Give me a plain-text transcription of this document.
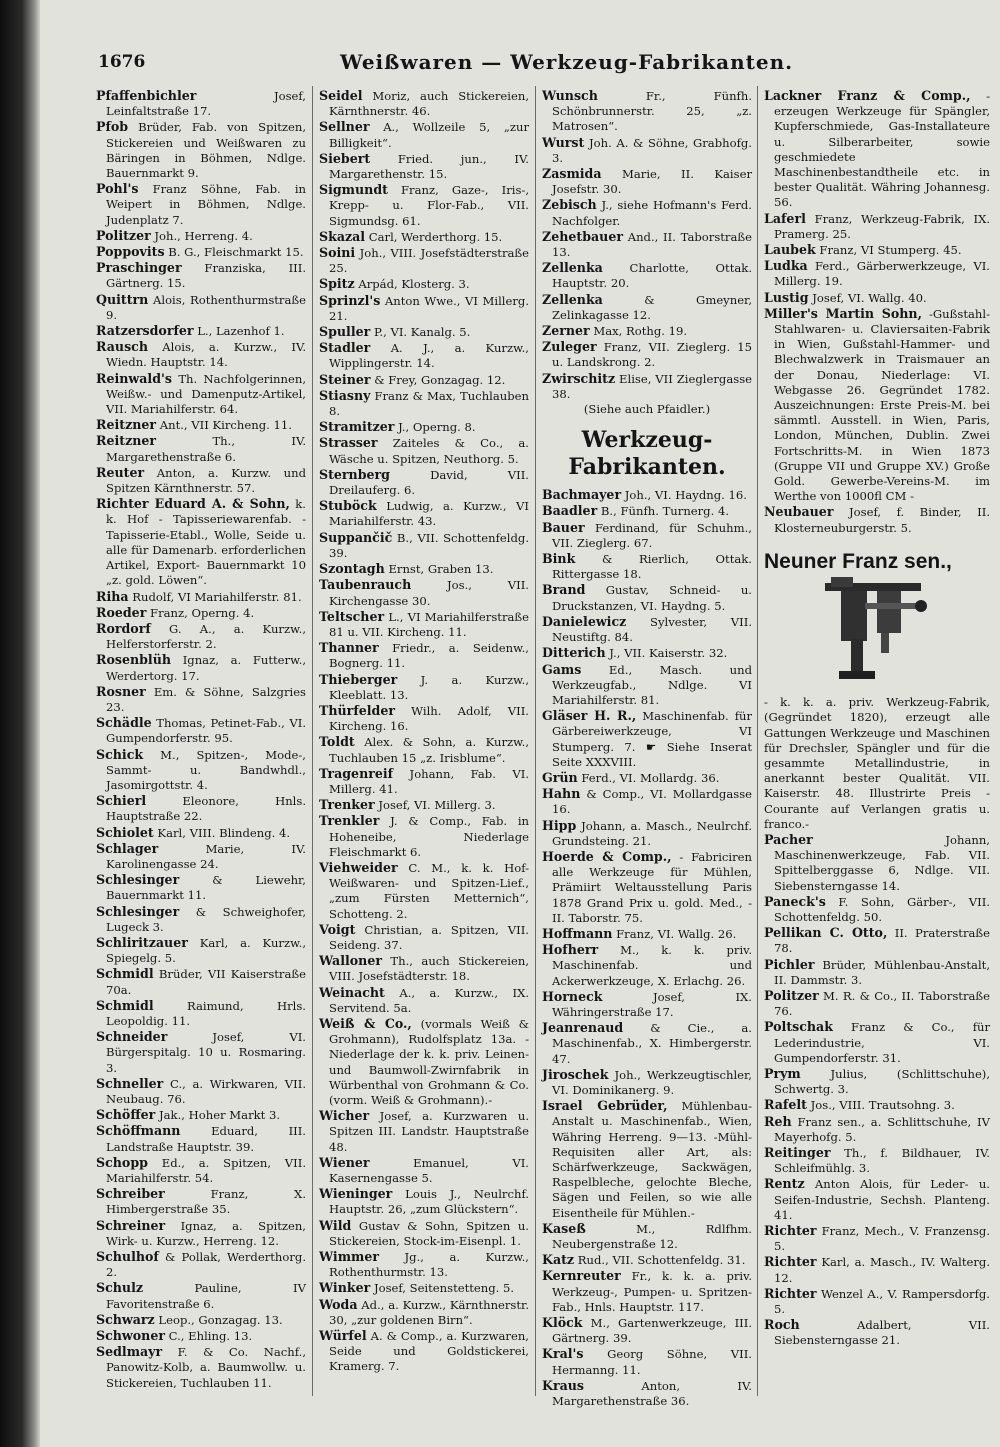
1676	Weißwaren — Werkzeug-Fabrikanten.

Pfaffenbichler	Josef, Leinfaltstraße 17.

Pfob Brüder, Fab. von Spitzen, Stickereien und Weißwaren zu Bäringen in Böhmen, Ndlge. Bauernmarkt 9.

Pohl's Franz Söhne, Fab. in Weipert in Böhmen, Ndlge. Judenplatz 7.

Politzer Joh., Herreng. 4.

Poppovits B. G., Fleischmarkt 15.

Praschinger Franziska, III. Gärtnerg. 15.

Quittrn Alois, Rothenthurmstraße 9.

Ratzersdorfer L., Lazenhof 1.

Rausch Alois, a. Kurzw., IV. Wiedn. Hauptstr. 14.

Reinwald's Th. Nachfolgerinnen, Weißw.- und Damenputz-Artikel, VII. Mariahilferstr. 64.

Reitzner Ant., VII Kircheng. 11.

Reitzner	Th., IV. Margarethenstraße 6.

Reuter Anton, a. Kurzw. und Spitzen Kärnthnerstr. 57.

Richter Eduard A. & Sohn, k. k. Hof - Tapisseriewarenfab. -Tapisserie-Etabl., Wolle, Seide u. alle für Damenarb. erforderlichen Artikel, Export- Bauernmarkt 10 „z. gold. Löwen“.

Riha Rudolf, VI Mariahilferstr. 81.

Roeder Franz, Operng. 4.

Rordorf G. A., a. Kurzw., Helferstorferstr. 2.

Rosenblüh Ignaz, a. Futterw., Werdertorg. 17.

Rosner Em. & Söhne, Salzgries 23.

Schädle Thomas, Petinet-Fab., VI. Gumpendorferstr. 95.

Schick M., Spitzen-, Mode-, Sammt- u. Bandwhdl., Jasomirgottstr. 4.

Schierl	Eleonore, Hnls. Hauptstraße 22.

Schiolet Karl, VIII. Blindeng. 4.

Schlager	Marie, IV. Karolinengasse 24.

Schlesinger	& Liewehr, Bauernmarkt 11.

Schlesinger & Schweighofer, Lugeck 3.

Schliritzauer Karl, a. Kurzw., Spiegelg. 5.

Schmidl Brüder, VII Kaiserstraße 70a.

Schmidl	Raimund, Hrls. Leopoldig. 11.

Schneider	Josef, VI. Bürgerspitalg. 10 u. Rosmaring. 3.

Schneller C., a. Wirkwaren, VII. Neubaug. 76.

Schöffer Jak., Hoher Markt 3.

Schöffmann	Eduard, III. Landstraße Hauptstr. 39.

Schopp Ed., a. Spitzen, VII. Mariahilferstr. 54.

Schreiber	Franz, X. Himbergerstraße 35.

Schreiner Ignaz, a. Spitzen, Wirk- u. Kurzw., Herreng. 12.

Schulhof & Pollak, Werderthorg. 2.

Schulz	Pauline, IV Favoritenstraße 6.

Schwarz Leop., Gonzagag. 13.

Schwoner C., Ehling. 13.

Sedlmayr F. & Co. Nachf., Panowitz-Kolb, a. Baumwollw. u. Stickereien, Tuchlauben 11.

Seidel Moriz, auch Stickereien, Kärnthnerstr. 46.

Sellner A., Wollzeile 5, „zur Billigkeit“.

Siebert Fried. jun., IV. Margarethenstr. 15.

Sigmundt Franz, Gaze-, Iris-, Krepp- u. Flor-Fab., VII. Sigmundsg. 61.

Skazal Carl, Werderthorg. 15.

Soini Joh., VIII. Josefstädterstraße 25.

Spitz Arpád, Klosterg. 3.

Sprinzl's Anton Wwe., VI Millerg. 21.

Spuller P., VI. Kanalg. 5.

Stadler A. J., a. Kurzw., Wipplingerstr. 14.

Steiner & Frey, Gonzagag. 12.

Stiasny Franz & Max, Tuchlauben 8.

Stramitzer J., Operng. 8.

Strasser Zaiteles & Co., a. Wäsche u. Spitzen, Neuthorg. 5.

Sternberg	David, VII. Dreilauferg. 6.

Stuböck Ludwig, a. Kurzw., VI Mariahilferstr. 43.

Suppančič B., VII. Schottenfeldg. 39.

Szontagh Ernst, Graben 13.

Taubenrauch	Jos., VII. Kirchengasse 30.

Teltscher L., VI Mariahilferstraße 81 u. VII. Kircheng. 11.

Thanner Friedr., a. Seidenw., Bognerg. 11.

Thieberger J. a. Kurzw., Kleeblatt. 13.

Thürfelder Wilh. Adolf, VII. Kircheng. 16.

Toldt Alex. & Sohn, a. Kurzw., Tuchlauben 15 „z. Irisblume“.

Tragenreif Johann, Fab. VI. Millerg. 41.

Trenker Josef, VI. Millerg. 3.

Trenkler J. & Comp., Fab. in Hoheneibe, Niederlage Fleischmarkt 6.

Viehweider C. M., k. k. Hof-Weißwaren- und Spitzen-Lief., „zum Fürsten Metternich“, Schotteng. 2.

Voigt Christian, a. Spitzen, VII. Seideng. 37.

Walloner Th., auch Stickereien, VIII. Josefstädterstr. 18.

Weinacht A., a. Kurzw., IX. Servitend. 5a.

Weiß & Co., (vormals Weiß & Grohmann), Rudolfsplatz 13a. -Niederlage der k. k. priv. Leinen- und Baumwoll-Zwirnfabrik in Würbenthal von Grohmann & Co. (vorm. Weiß & Grohmann).-

Wicher Josef, a. Kurzwaren u. Spitzen III. Landstr. Hauptstraße 48.

Wiener	Emanuel, VI. Kasernengasse 5.

Wieninger Louis J., Neulrchf. Hauptstr. 26, „zum Glückstern“.

Wild Gustav & Sohn, Spitzen u. Stickereien, Stock-im-Eisenpl. 1.

Wimmer Jg., a. Kurzw., Rothenthurmstr. 13.

Winker Josef, Seitenstetteng. 5.

Woda Ad., a. Kurzw., Kärnthnerstr. 30, „zur goldenen Birn“.

Würfel A. & Comp., a. Kurzwaren, Seide und Goldstickerei, Kramerg. 7.

Wunsch	Fr., Fünfh. Schönbrunnerstr. 25, „z. Matrosen“.

Wurst Joh. A. & Söhne, Grabhofg. 3.

Zasmida Marie, II. Kaiser Josefstr. 30.

Zebisch J., siehe Hofmann's Ferd. Nachfolger.

Zehetbauer And., II. Taborstraße 13.

Zellenka Charlotte, Ottak. Hauptstr. 20.

Zellenka	& Gmeyner, Zelinkagasse 12.

Zerner Max, Rothg. 19.

Zuleger Franz, VII. Zieglerg. 15 u. Landskrong. 2.

Zwirschitz Elise, VII Zieglergasse 38.

(Siehe auch Pfaidler.)

Werkzeug-Fabrikanten.

Bachmayer Joh., VI. Haydng. 16.

Baadler B., Fünfh. Turnerg. 4.

Bauer Ferdinand, für Schuhm., VII. Zieglerg. 67.

Bink & Rierlich, Ottak. Rittergasse 18.

Brand Gustav, Schneid- u. Druckstanzen, VI. Haydng. 5.

Danielewicz Sylvester, VII. Neustiftg. 84.

Ditterich J., VII. Kaiserstr. 32.

Gams Ed., Masch. und Werkzeugfab., Ndlge. VI Mariahilferstr. 81.

Gläser H. R., Maschinenfab. für Gärbereiwerkzeuge, VI Stumperg. 7. ☛ Siehe Inserat Seite XXXVIII.

Grün Ferd., VI. Mollardg. 36.

Hahn & Comp., VI. Mollardgasse 16.

Hipp Johann, a. Masch., Neulrchf. Grundsteing. 21.

Hoerde & Comp., - Fabriciren alle Werkzeuge für Mühlen, Prämiirt Weltausstellung Paris 1878 Grand Prix u. gold. Med., - II. Taborstr. 75.

Hoffmann Franz, VI. Wallg. 26.

Hofherr M., k. k. priv. Maschinenfab. und Ackerwerkzeuge, X. Erlachg. 26.

Horneck	Josef, IX. Währingerstraße 17.

Jeanrenaud & Cie., a. Maschinenfab., X. Himbergerstr. 47.

Jiroschek Joh., Werkzeugtischler, VI. Dominikanerg. 9.

Israel Gebrüder, Mühlenbau-Anstalt u. Maschinenfab., Wien, Währing Herreng. 9—13. -Mühl-Requisiten aller Art, als: Schärfwerkzeuge, Sackwägen, Raspelbleche, gelochte Bleche, Sägen und Feilen, so wie alle Eisentheile für Mühlen.-

Kaseß	M., Rdlfhm. Neubergenstraße 12.

Katz Rud., VII. Schottenfeldg. 31.

Kernreuter Fr., k. k. a. priv. Werkzeug-, Pumpen- u. Spritzen-Fab., Hnls. Hauptstr. 117.

Klöck M., Gartenwerkzeuge, III. Gärtnerg. 39.

Kral's Georg Söhne, VII. Hermanng. 11.

Kraus	Anton, IV. Margarethenstraße 36.

Lackner Franz & Comp., - erzeugen Werkzeuge für Spängler, Kupferschmiede, Gas-Installateure u. Silberarbeiter, sowie geschmiedete Maschinenbestandtheile etc. in bester Qualität. Währing Johannesg. 56.

Laferl Franz, Werkzeug-Fabrik, IX. Pramerg. 25.

Laubek Franz, VI Stumperg. 45.

Ludka Ferd., Gärberwerkzeuge, VI. Millerg. 19.

Lustig Josef, VI. Wallg. 40.

Miller's Martin Sohn, -Gußstahl-Stahlwaren- u. Claviersaiten-Fabrik in Wien, Gußstahl-Hammer- und Blechwalzwerk in Traismauer an der Donau, Niederlage: VI. Webgasse 26. Gegründet 1782. Auszeichnungen: Erste Preis-M. bei sämmtl. Ausstell. in Wien, Paris, London, München, Dublin. Zwei Fortschritts-M. in Wien 1873 (Gruppe VII und Gruppe XV.) Große Gold. Gewerbe-Vereins-M. im Werthe von 1000fl CM -

Neubauer Josef, f. Binder, II. Klosterneuburgerstr. 5.

Neuner Franz sen.,

- k. k. a. priv. Werkzeug-Fabrik, (Gegründet 1820), erzeugt alle Gattungen Werkzeuge und Maschinen für Drechsler, Spängler und für die gesammte Metallindustrie, in anerkannt bester Qualität. VII. Kaiserstr. 48. Illustrirte Preis - Courante auf Verlangen gratis u. franco.-

Pacher	Johann, Maschinenwerkzeuge, Fab. VII. Spittelberggasse 6, Ndlge. VII. Siebensterngasse 14.

Paneck's F. Sohn, Gärber-, VII. Schottenfeldg. 50.

Pellikan C. Otto, II. Praterstraße 78.

Pichler Brüder, Mühlenbau-Anstalt, II. Dammstr. 3.

Politzer M. R. & Co., II. Taborstraße 76.

Poltschak Franz & Co., für Lederindustrie, VI. Gumpendorferstr. 31.

Prym	Julius, (Schlittschuhe), Schwertg. 3.

Rafelt Jos., VIII. Trautsohng. 3.

Reh Franz sen., a. Schlittschuhe, IV Mayerhofg. 5.

Reitinger Th., f. Bildhauer, IV. Schleifmühlg. 3.

Rentz Anton Alois, für Leder- u. Seifen-Industrie, Sechsh. Planteng. 41.

Richter Franz, Mech., V. Franzensg. 5.

Richter Karl, a. Masch., IV. Walterg. 12.

Richter Wenzel A., V. Rampersdorfg. 5.

Roch	Adalbert, VII. Siebensterngasse 21.
